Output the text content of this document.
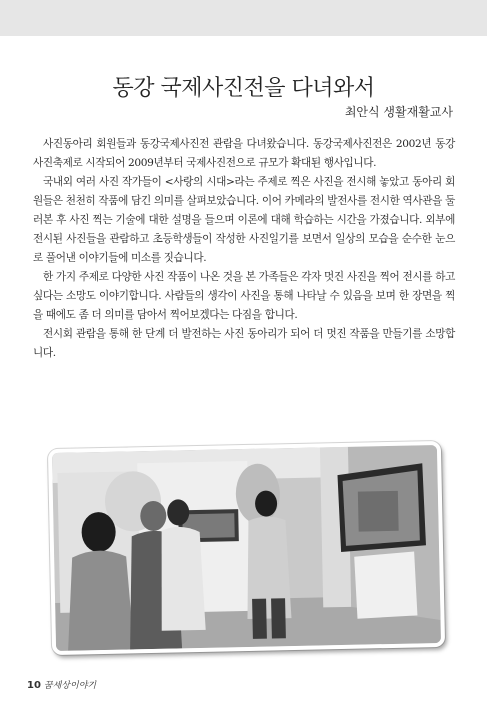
동강 국제사진전을 다녀와서
최안식 생활재활교사

사진동아리 회원들과 동강국제사진전 관람을 다녀왔습니다. 동강국제사진전은 2002년 동강사진축제로 시작되어 2009년부터 국제사진전으로 규모가 확대된 행사입니다.

국내외 여러 사진 작가들이 <사랑의 시대>라는 주제로 찍은 사진을 전시해 놓았고 동아리 회원들은 천천히 작품에 담긴 의미를 살펴보았습니다. 이어 카메라의 발전사를 전시한 역사관을 둘러본 후 사진 찍는 기술에 대한 설명을 들으며 이론에 대해 학습하는 시간을 가졌습니다. 외부에 전시된 사진들을 관람하고 초등학생들이 작성한 사진일기를 보면서 일상의 모습을 순수한 눈으로 풀어낸 이야기들에 미소를 짓습니다.

한 가지 주제로 다양한 사진 작품이 나온 것을 본 가족들은 각자 멋진 사진을 찍어 전시를 하고 싶다는 소망도 이야기합니다. 사람들의 생각이 사진을 통해 나타날 수 있음을 보며 한 장면을 찍을 때에도 좀 더 의미를 담아서 찍어보겠다는 다짐을 합니다.

전시회 관람을 통해 한 단계 더 발전하는 사진 동아리가 되어 더 멋진 작품을 만들기를 소망합니다.

10 꿈세상이야기
